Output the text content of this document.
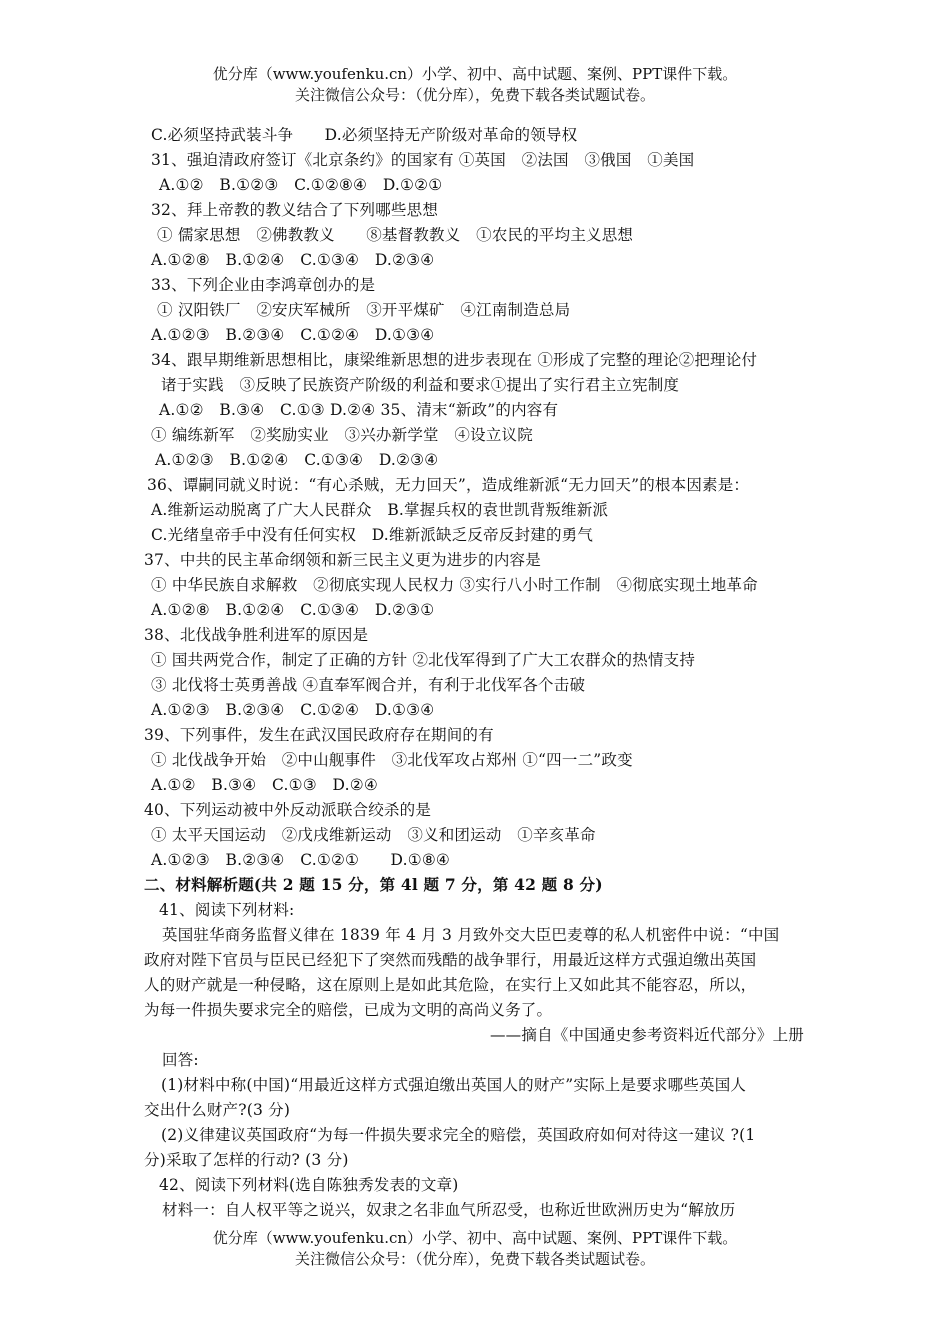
优分库（www.youfenku.cn）小学、初中、高中试题、案例、PPT课件下载。
关注微信公众号：（优分库），免费下载各类试题试卷。
C.必须坚持武装斗争　　D.必须坚持无产阶级对革命的领导权
31、强迫清政府签订《北京条约》的国家有 ①英国　②法国　③俄国　①美国
A.①②　B.①②③　C.①②⑧④　D.①②①
32、拜上帝教的教义结合了下列哪些思想
① 儒家思想　②佛教教义　　⑧基督教教义　①农民的平均主义思想
A.①②⑧　B.①②④　C.①③④　D.②③④
33、下列企业由李鸿章创办的是
① 汉阳铁厂　②安庆军械所　③开平煤矿　④江南制造总局
A.①②③　B.②③④　C.①②④　D.①③④
34、跟早期维新思想相比，康梁维新思想的进步表现在 ①形成了完整的理论②把理论付
诸于实践　③反映了民族资产阶级的利益和要求①提出了实行君主立宪制度
A.①②　B.③④　C.①③ D.②④ 35、清末“新政”的内容有
① 编练新军　②奖励实业　③兴办新学堂　④设立议院
A.①②③　B.①②④　C.①③④　D.②③④
36、谭嗣同就义时说：“有心杀贼，无力回天”，造成维新派“无力回天”的根本因素是：
A.维新运动脱离了广大人民群众　B.掌握兵权的袁世凯背叛维新派
C.光绪皇帝手中没有任何实权　D.维新派缺乏反帝反封建的勇气
37、中共的民主革命纲领和新三民主义更为进步的内容是
① 中华民族自求解救　②彻底实现人民权力 ③实行八小时工作制　④彻底实现土地革命
A.①②⑧　B.①②④　C.①③④　D.②③①
38、北伐战争胜利进军的原因是
① 国共两党合作，制定了正确的方针 ②北伐军得到了广大工农群众的热情支持
③ 北伐将士英勇善战 ④直奉军阀合并，有利于北伐军各个击破
A.①②③　B.②③④　C.①②④　D.①③④
39、下列事件，发生在武汉国民政府存在期间的有
① 北伐战争开始　②中山舰事件　③北伐军攻占郑州 ①“四一二”政变
A.①②　B.③④　C.①③　D.②④
40、下列运动被中外反动派联合绞杀的是
① 太平天国运动　②戊戌维新运动　③义和团运动　①辛亥革命
A.①②③　B.②③④　C.①②①　　D.①⑧④
二、材料解析题(共 2 题 15 分，第 4l 题 7 分，第 42 题 8 分)
41、阅读下列材料:
英国驻华商务监督义律在 1839 年 4 月 3 月致外交大臣巴麦尊的私人机密件中说：“中国
政府对陛下官员与臣民已经犯下了突然而残酷的战争罪行，用最近这样方式强迫缴出英国
人的财产就是一种侵略，这在原则上是如此其危险，在实行上又如此其不能容忍，所以，
为每一件损失要求完全的赔偿，已成为文明的高尚义务了。
——摘自《中国通史参考资料近代部分》上册
回答:
(1)材料中称(中国)“用最近这样方式强迫缴出英国人的财产”实际上是要求哪些英国人
交出什么财产?(3 分)
(2)义律建议英国政府“为每一件损失要求完全的赔偿，英国政府如何对待这一建议 ?(1
分)采取了怎样的行动? (3 分)
42、阅读下列材料(选自陈独秀发表的文章)
材料一：自人权平等之说兴，奴隶之名非血气所忍受，也称近世欧洲历史为“解放历
优分库（www.youfenku.cn）小学、初中、高中试题、案例、PPT课件下载。
关注微信公众号：（优分库），免费下载各类试题试卷。
